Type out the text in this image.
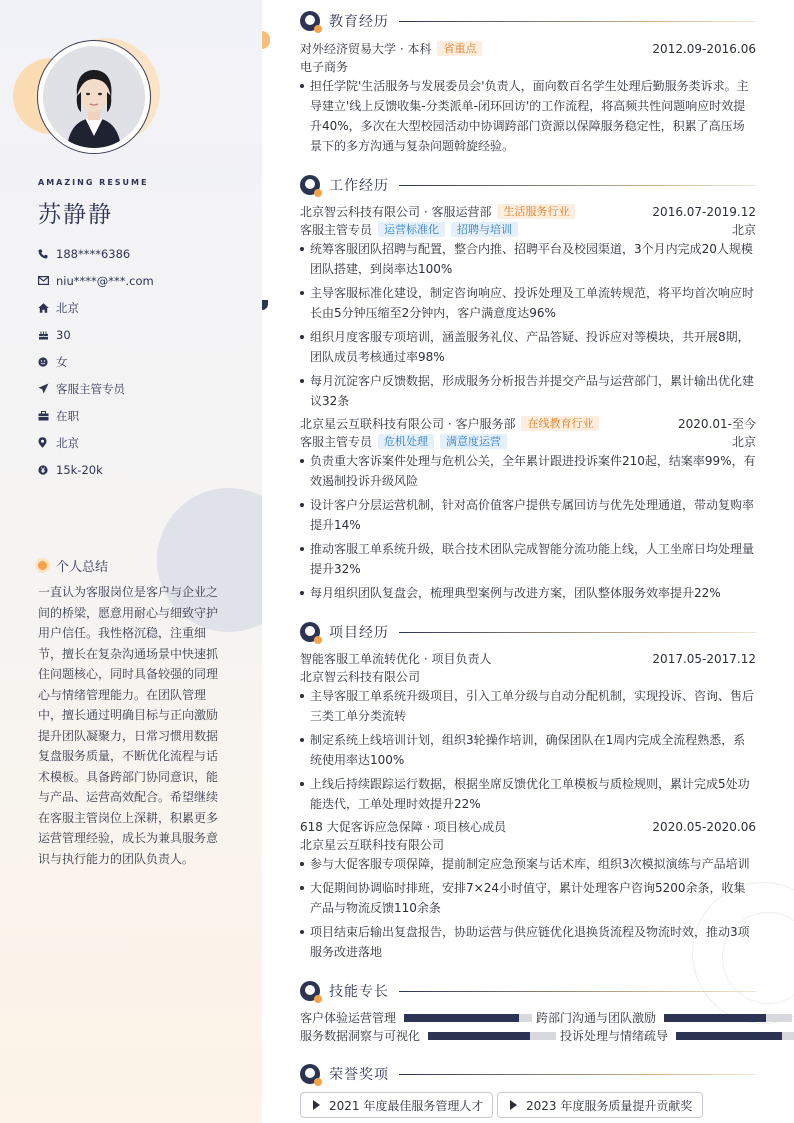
AMAZING RESUME
苏静静
188****6386
niu****@***.com
北京
30
女
客服主管专员
在职
北京
15k-20k
个人总结
一直认为客服岗位是客户与企业之间的桥梁，愿意用耐心与细致守护用户信任。我性格沉稳，注重细节，擅长在复杂沟通场景中快速抓住问题核心，同时具备较强的同理心与情绪管理能力。在团队管理中，擅长通过明确目标与正向激励提升团队凝聚力，日常习惯用数据复盘服务质量，不断优化流程与话术模板。具备跨部门协同意识，能与产品、运营高效配合。希望继续在客服主管岗位上深耕，积累更多运营管理经验，成长为兼具服务意识与执行能力的团队负责人。
教育经历
对外经济贸易大学 · 本科 省重点	2012.09-2016.06
电子商务
担任学院'生活服务与发展委员会'负责人，面向数百名学生处理后勤服务类诉求。主导建立'线上反馈收集-分类派单-闭环回访'的工作流程，将高频共性问题响应时效提升40%，多次在大型校园活动中协调跨部门资源以保障服务稳定性，积累了高压场景下的多方沟通与复杂问题斡旋经验。
工作经历
北京智云科技有限公司 · 客服运营部 生活服务行业	2016.07-2019.12
客服主管专员 运营标准化 招聘与培训	北京
统筹客服团队招聘与配置，整合内推、招聘平台及校园渠道，3个月内完成20人规模团队搭建，到岗率达100%
主导客服标准化建设，制定咨询响应、投诉处理及工单流转规范，将平均首次响应时长由5分钟压缩至2分钟内，客户满意度达96%
组织月度客服专项培训，涵盖服务礼仪、产品答疑、投诉应对等模块，共开展8期，团队成员考核通过率98%
每月沉淀客户反馈数据，形成服务分析报告并提交产品与运营部门，累计输出优化建议32条
北京星云互联科技有限公司 · 客户服务部 在线教育行业	2020.01-至今
客服主管专员 危机处理 满意度运营	北京
负责重大客诉案件处理与危机公关，全年累计跟进投诉案件210起，结案率99%，有效遏制投诉升级风险
设计客户分层运营机制，针对高价值客户提供专属回访与优先处理通道，带动复购率提升14%
推动客服工单系统升级，联合技术团队完成智能分流功能上线，人工坐席日均处理量提升32%
每月组织团队复盘会，梳理典型案例与改进方案，团队整体服务效率提升22%
项目经历
智能客服工单流转优化 · 项目负责人	2017.05-2017.12
北京智云科技有限公司
主导客服工单系统升级项目，引入工单分级与自动分配机制，实现投诉、咨询、售后三类工单分类流转
制定系统上线培训计划，组织3轮操作培训，确保团队在1周内完成全流程熟悉，系统使用率达100%
上线后持续跟踪运行数据，根据坐席反馈优化工单模板与质检规则，累计完成5处功能迭代，工单处理时效提升22%
618 大促客诉应急保障 · 项目核心成员	2020.05-2020.06
北京星云互联科技有限公司
参与大促客服专项保障，提前制定应急预案与话术库，组织3次模拟演练与产品培训
大促期间协调临时排班，安排7×24小时值守，累计处理客户咨询5200余条，收集产品与物流反馈110余条
项目结束后输出复盘报告，协助运营与供应链优化退换货流程及物流时效，推动3项服务改进落地
技能专长
客户体验运营管理	跨部门沟通与团队激励
服务数据洞察与可视化	投诉处理与情绪疏导
荣誉奖项
2021 年度最佳服务管理人才	2023 年度服务质量提升贡献奖
